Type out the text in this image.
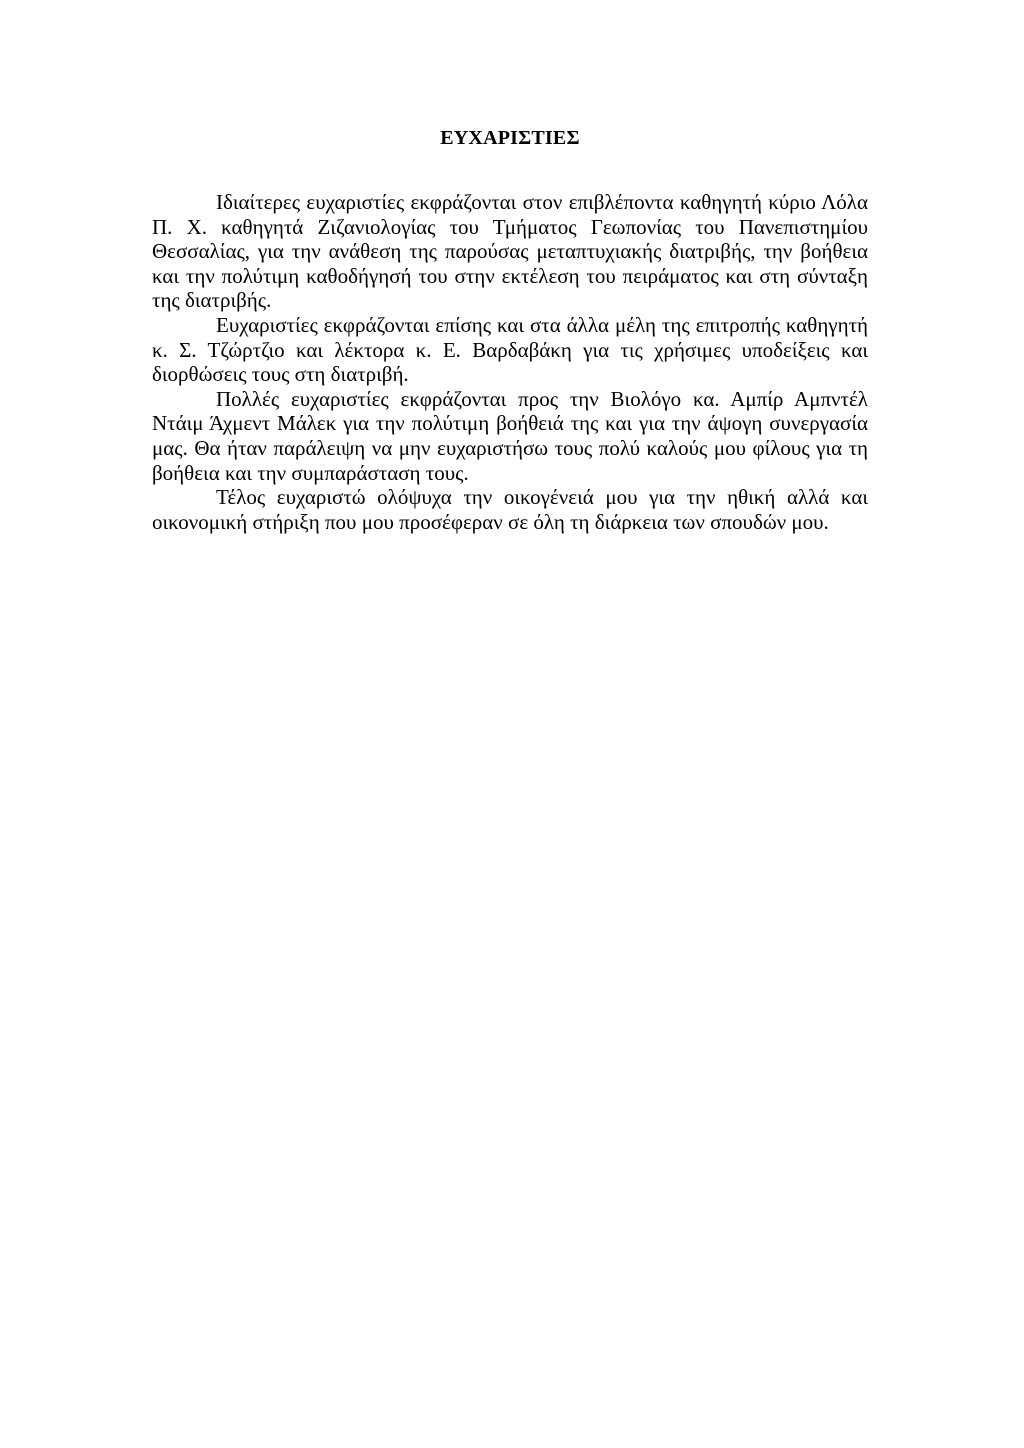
ΕΥΧΑΡΙΣΤΙΕΣ

Ιδιαίτερες ευχαριστίες εκφράζονται στον επιβλέποντα καθηγητή κύριο Λόλα Π. Χ. καθηγητά Ζιζανιολογίας του Τμήματος Γεωπονίας του Πανεπιστημίου Θεσσαλίας, για την ανάθεση της παρούσας μεταπτυχιακής διατριβής, την βοήθεια και την πολύτιμη καθοδήγησή του στην εκτέλεση του πειράματος και στη σύνταξη της διατριβής.

Ευχαριστίες εκφράζονται επίσης και στα άλλα μέλη της επιτροπής καθηγητή κ. Σ. Τζώρτζιο και λέκτορα κ. Ε. Βαρδαβάκη για τις χρήσιμες υποδείξεις και διορθώσεις τους στη διατριβή.

Πολλές ευχαριστίες εκφράζονται προς την Βιολόγο κα. Αμπίρ Αμπντέλ Ντάιμ Άχμεντ Μάλεκ για την πολύτιμη βοήθειά της και για την άψογη συνεργασία μας. Θα ήταν παράλειψη να μην ευχαριστήσω τους πολύ καλούς μου φίλους για τη βοήθεια και την συμπαράσταση τους.

Τέλος ευχαριστώ ολόψυχα την οικογένειά μου για την ηθική αλλά και οικονομική στήριξη που μου προσέφεραν σε όλη τη διάρκεια των σπουδών μου.
